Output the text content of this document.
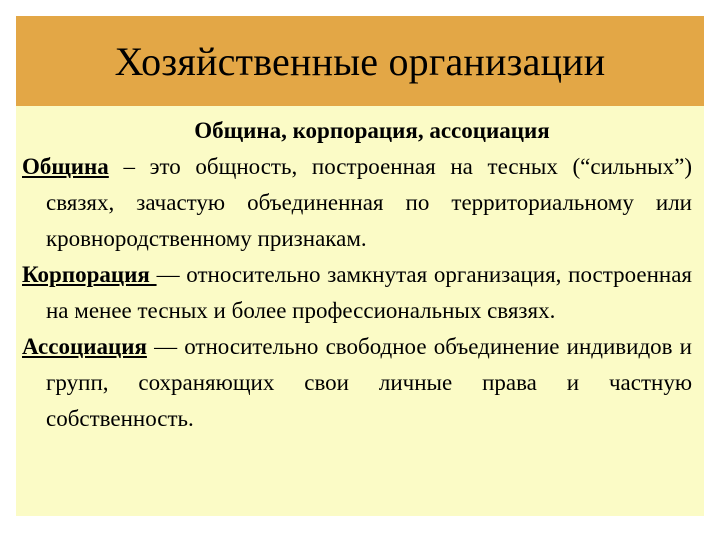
Хозяйственные организации
Община, корпорация, ассоциация

Община – это общность, построенная на тесных (“сильных”) связях, зачастую объединенная по территориальному или кровнородственному признакам.

Корпорация — относительно замкнутая организация, построенная на менее тесных и более профессиональных связях.

Ассоциация — относительно свободное объединение индивидов и групп, сохраняющих свои личные права и частную собственность.
